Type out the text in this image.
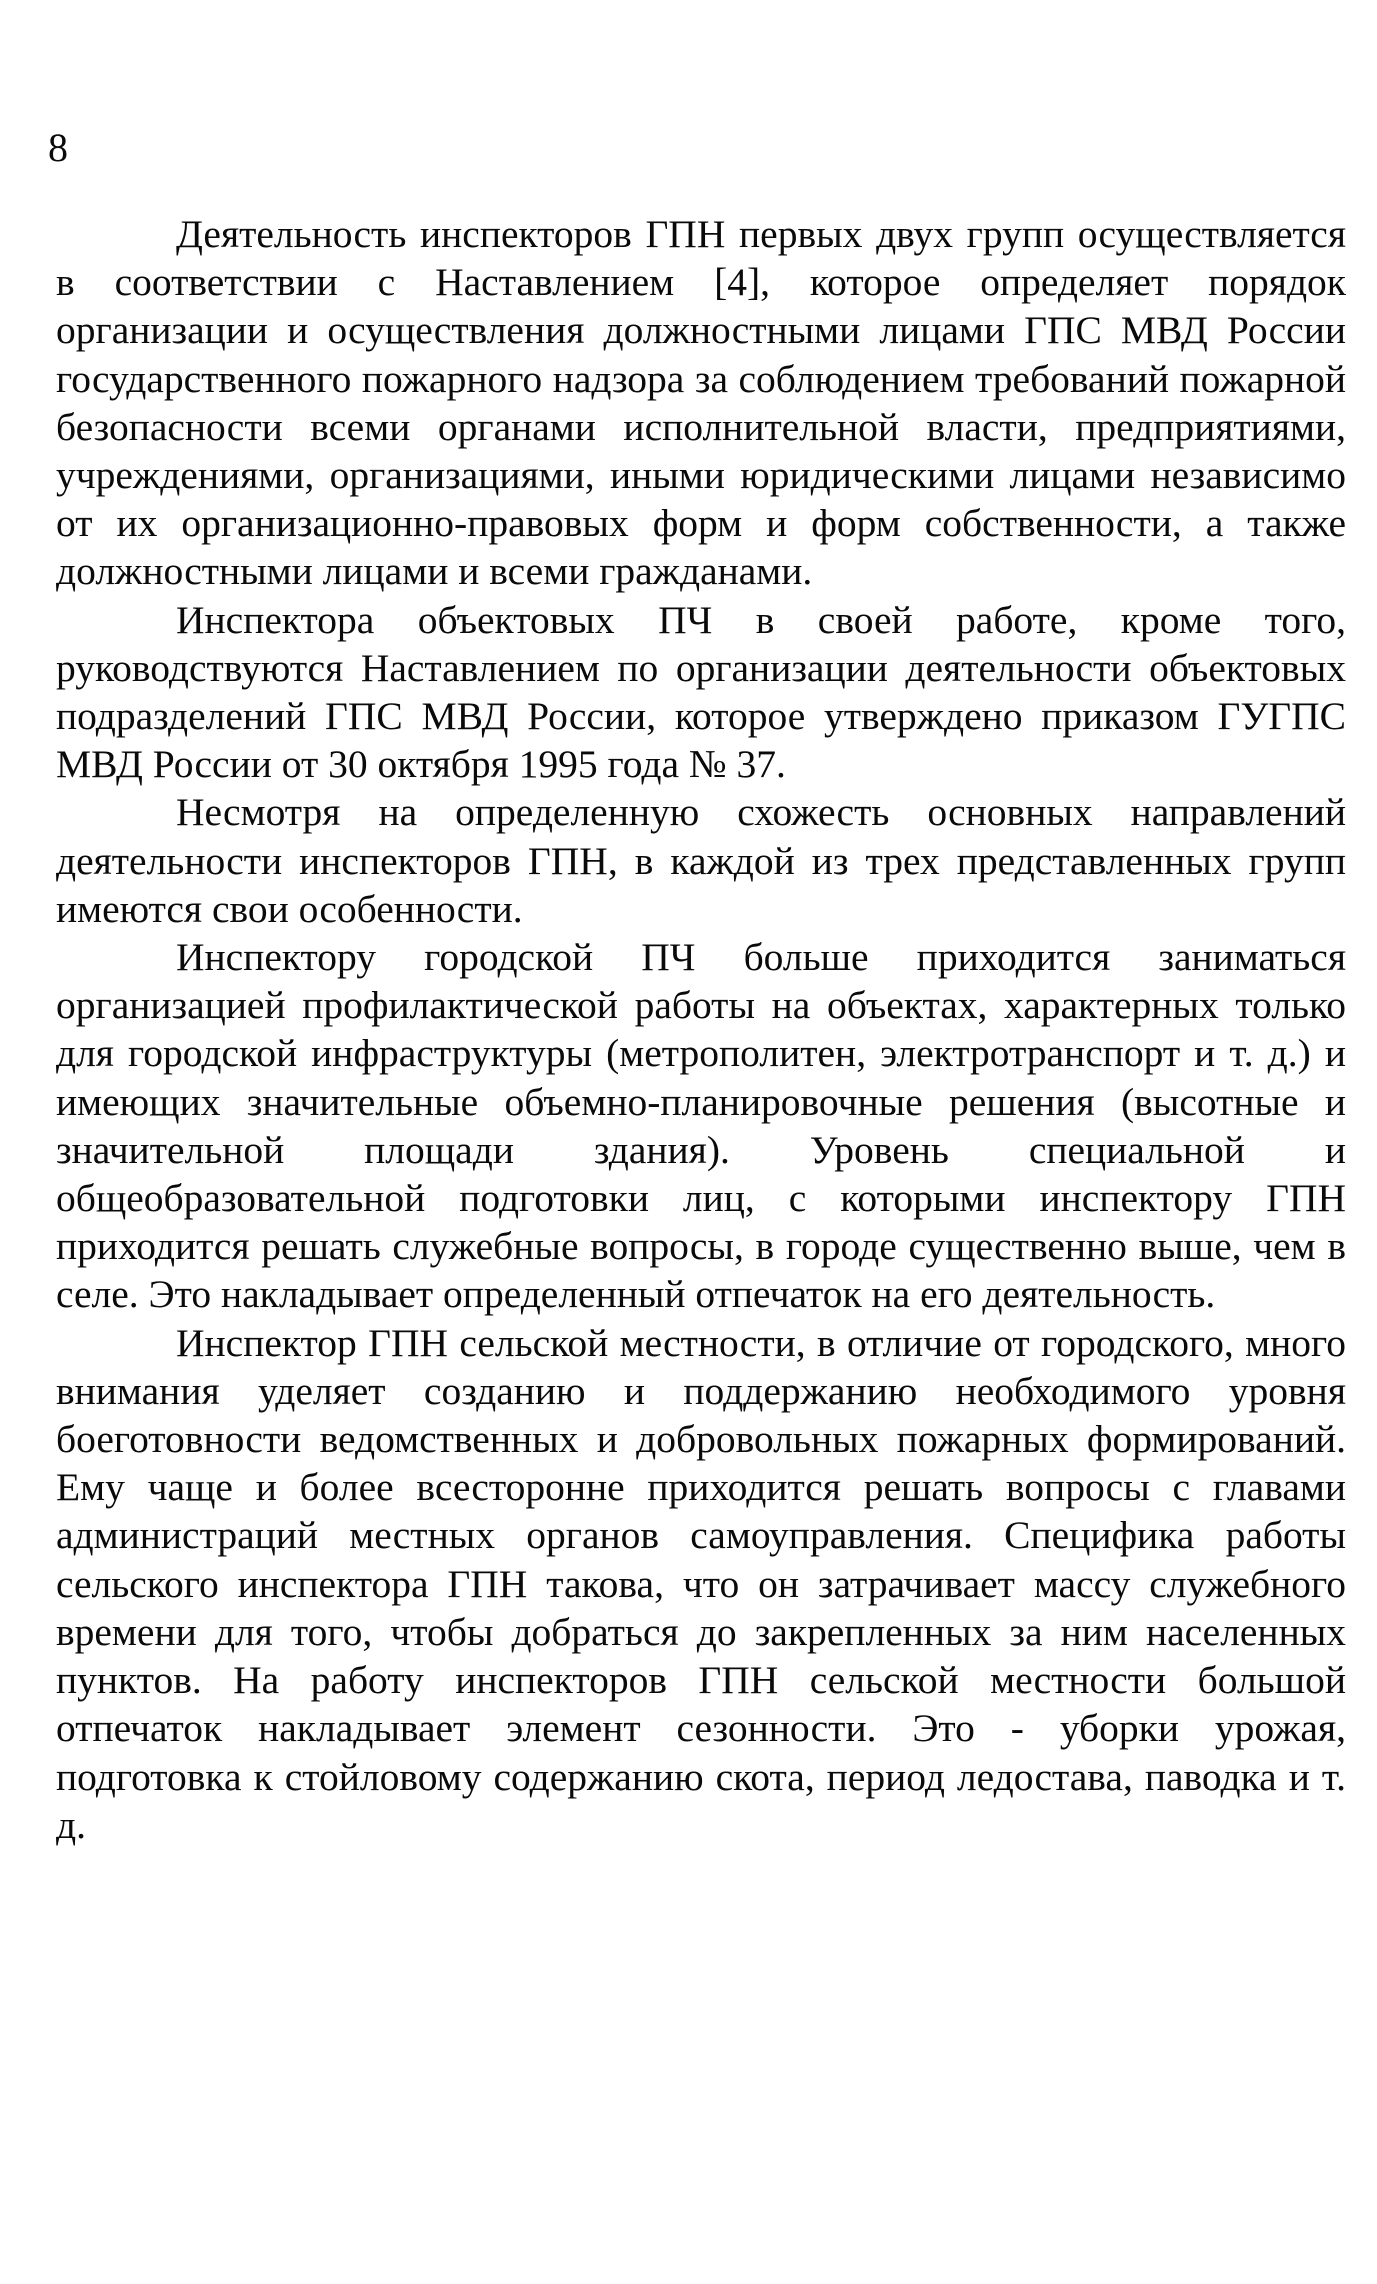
8

Деятельность инспекторов ГПН первых двух групп осуществляется в соответствии с Наставлением [4], которое определяет порядок организации и осуществления должностными лицами ГПС МВД России государственного пожарного надзора за соблюдением требований пожарной безопасности всеми органами исполнительной власти, предприятиями, учреждениями, организациями, иными юридическими лицами независимо от их организационно-правовых форм и форм собственности, а также должностными лицами и всеми гражданами.

Инспектора объектовых ПЧ в своей работе, кроме того, руководствуются Наставлением по организации деятельности объектовых подразделений ГПС МВД России, которое утверждено приказом ГУГПС МВД России от 30 октября 1995 года № 37.

Несмотря на определенную схожесть основных направлений деятельности инспекторов ГПН, в каждой из трех представленных групп имеются свои особенности.

Инспектору городской ПЧ больше приходится заниматься организацией профилактической работы на объектах, характерных только для городской инфраструктуры (метрополитен, электротранспорт и т. д.) и имеющих значительные объемно-планировочные решения (высотные и значительной площади здания). Уровень специальной и общеобразовательной подготовки лиц, с которыми инспектору ГПН приходится решать служебные вопросы, в городе существенно выше, чем в селе. Это накладывает определенный отпечаток на его деятельность.

Инспектор ГПН сельской местности, в отличие от городского, много внимания уделяет созданию и поддержанию необходимого уровня боеготовности ведомственных и добровольных пожарных формирований. Ему чаще и более всесторонне приходится решать вопросы с главами администраций местных органов самоуправления. Специфика работы сельского инспектора ГПН такова, что он затрачивает массу служебного времени для того, чтобы добраться до закрепленных за ним населенных пунктов. На работу инспекторов ГПН сельской местности большой отпечаток накладывает элемент сезонности. Это - уборки урожая, подготовка к стойловому содержанию скота, период ледостава, паводка и т. д.
